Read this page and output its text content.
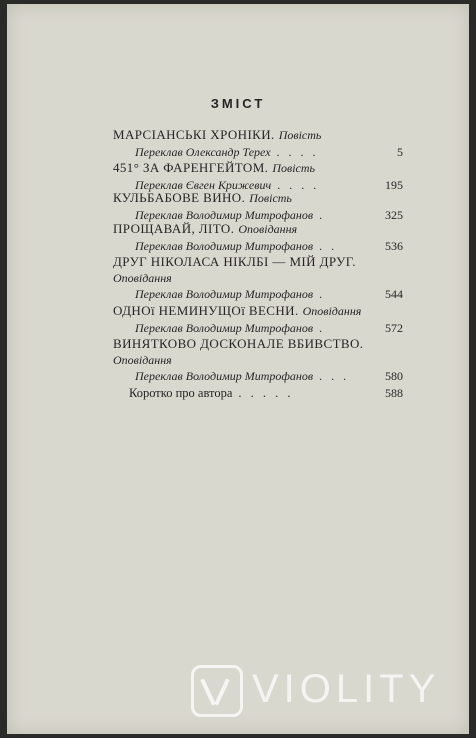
ЗМІСТ
МАРСІАНСЬКІ ХРОНІКИ. Повість
Переклав Олександр Терех . . . .	5
451° ЗА ФАРЕНГЕЙТОМ. Повість
Переклав Євген Крижевич . . . .	195
КУЛЬБАБОВЕ ВИНО. Повість
Переклав Володимир Митрофанов .	325
ПРОЩАВАЙ, ЛІТО. Оповідання
Переклав Володимир Митрофанов . .	536
ДРУГ НІКОЛАСА НІКЛБІ — МІЙ ДРУГ.
Оповідання
Переклав Володимир Митрофанов .	544
ОДНОї НЕМИНУЩОї ВЕСНИ. Оповідання
Переклав Володимир Митрофанов .	572
ВИНЯТКОВО ДОСКОНАЛЕ ВБИВСТВО.
Оповідання
Переклав Володимир Митрофанов . . .	580
Коротко про автора . . . . .	588
VIOLITY
